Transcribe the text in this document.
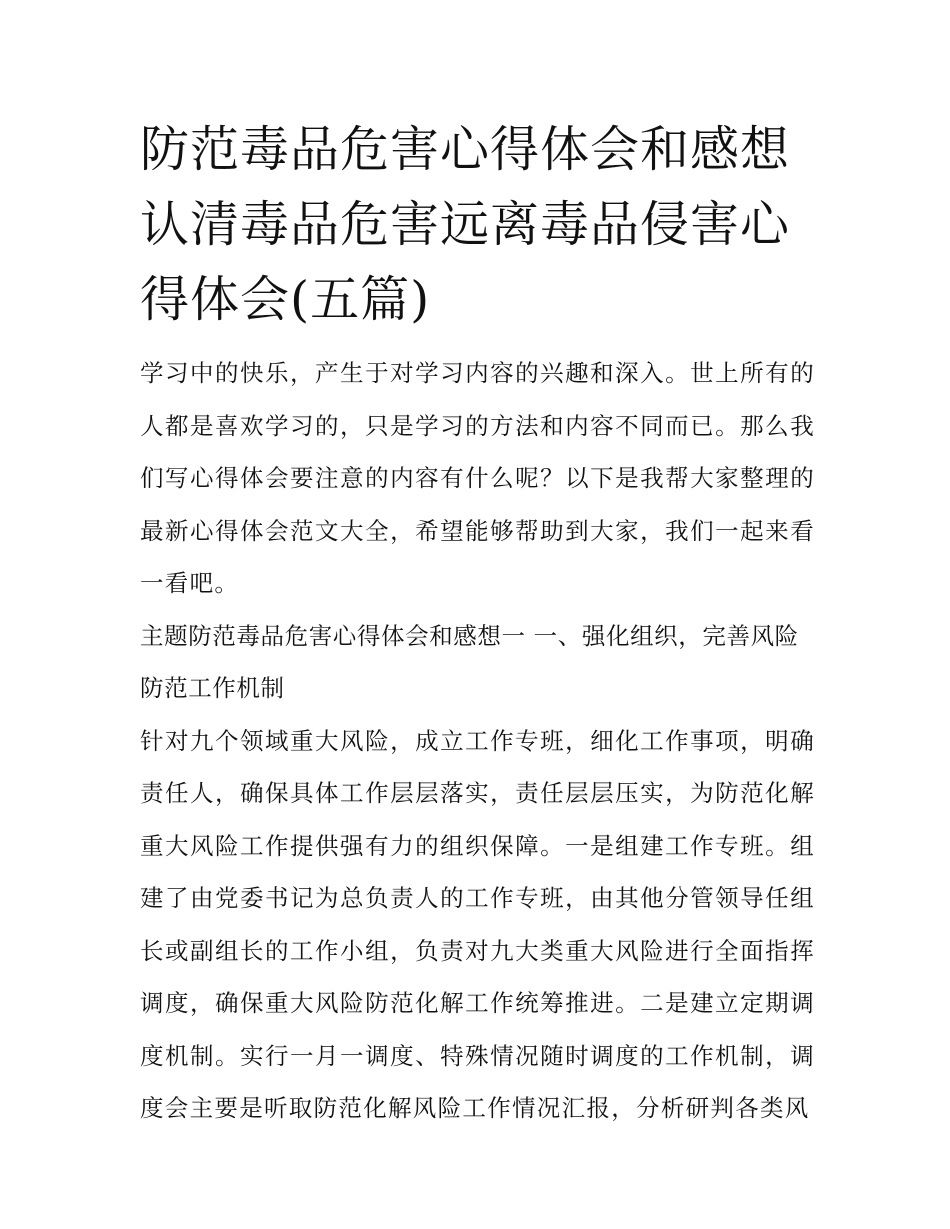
防范毒品危害心得体会和感想认清毒品危害远离毒品侵害心得体会(五篇)

学习中的快乐，产生于对学习内容的兴趣和深入。世上所有的人都是喜欢学习的，只是学习的方法和内容不同而已。那么我们写心得体会要注意的内容有什么呢？以下是我帮大家整理的最新心得体会范文大全，希望能够帮助到大家，我们一起来看一看吧。

主题防范毒品危害心得体会和感想一 一、强化组织，完善风险防范工作机制

针对九个领域重大风险，成立工作专班，细化工作事项，明确责任人，确保具体工作层层落实，责任层层压实，为防范化解重大风险工作提供强有力的组织保障。一是组建工作专班。组建了由党委书记为总负责人的工作专班，由其他分管领导任组长或副组长的工作小组，负责对九大类重大风险进行全面指挥调度，确保重大风险防范化解工作统筹推进。二是建立定期调度机制。实行一月一调度、特殊情况随时调度的工作机制，调度会主要是听取防范化解风险工作情况汇报，分析研判各类风
